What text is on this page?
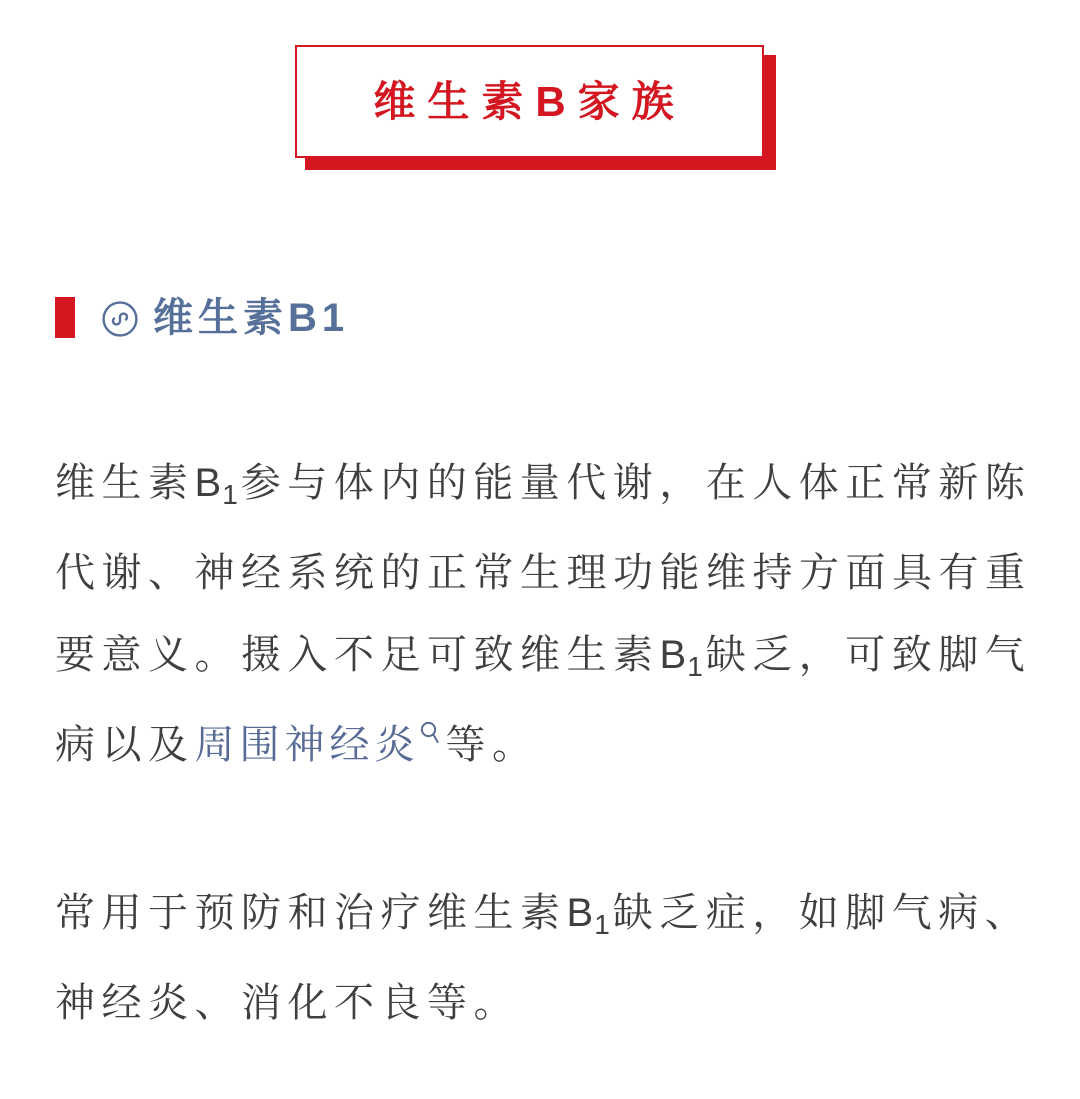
维生素B家族
维生素B1
维生素$B_1$参与体内的能量代谢，在人体正常新陈
代谢、神经系统的正常生理功能维持方面具有重
要意义。摄入不足可致维生素$B_1$缺乏，可致脚气
病以及周围神经炎 等。
常用于预防和治疗维生素$B_1$缺乏症，如脚气病、
神经炎、消化不良等。
